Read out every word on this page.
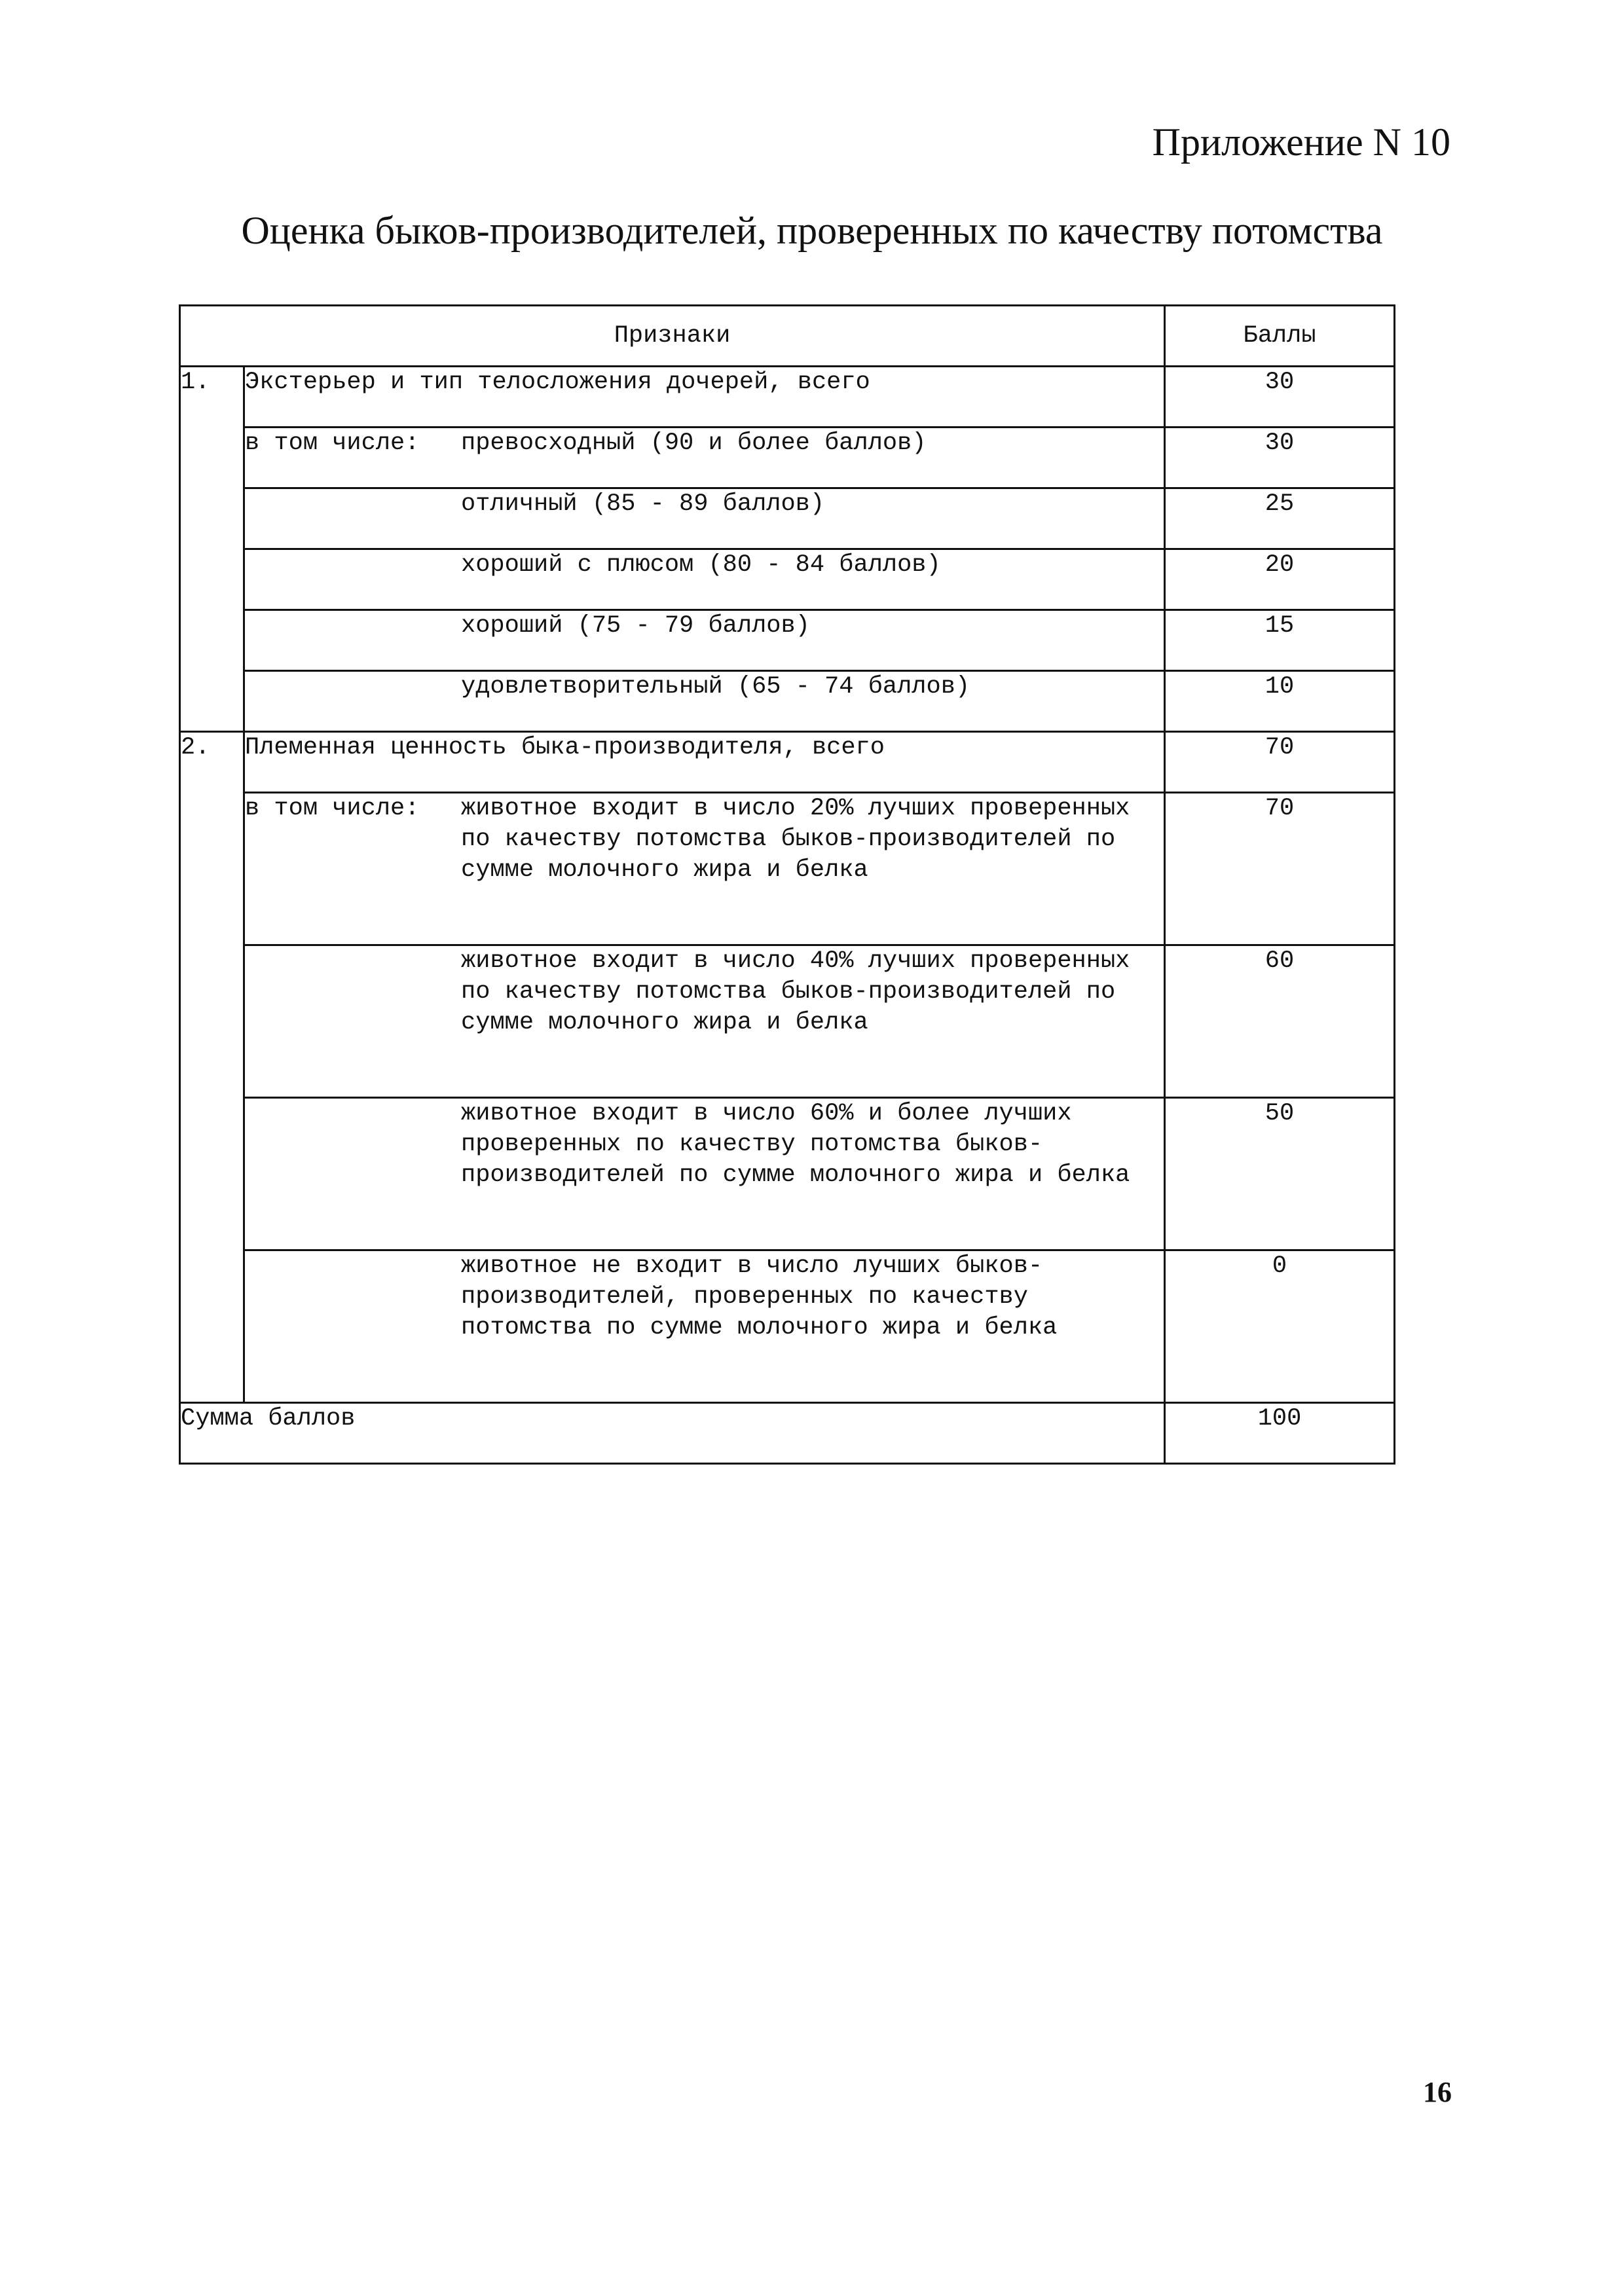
Приложение N 10
Оценка быков-производителей, проверенных по качеству потомства
Признаки		Баллы
1.	Экстерьер и тип телосложения дочерей, всего	30
	в том числе: превосходный (90 и более баллов)	30

	отличный (85 - 89 баллов)	25

	хороший с плюсом (80 - 84 баллов)	20

	хороший (75 - 79 баллов)	15

	удовлетворительный (65 - 74 баллов)	10
2.	Племенная ценность быка-производителя, всего	70
	в том числе: животное входит в число 20% лучших проверенных по качеству потомства быков-производителей по сумме молочного жира и белка	70

	животное входит в число 40% лучших проверенных по качеству потомства быков-производителей по сумме молочного жира и белка	60

	животное входит в число 60% и более лучших проверенных по качеству потомства быков-производителей по сумме молочного жира и белка	50

	животное не входит в число лучших быков-производителей, проверенных по качеству потомства по сумме молочного жира и белка	0
Сумма баллов		100
16
